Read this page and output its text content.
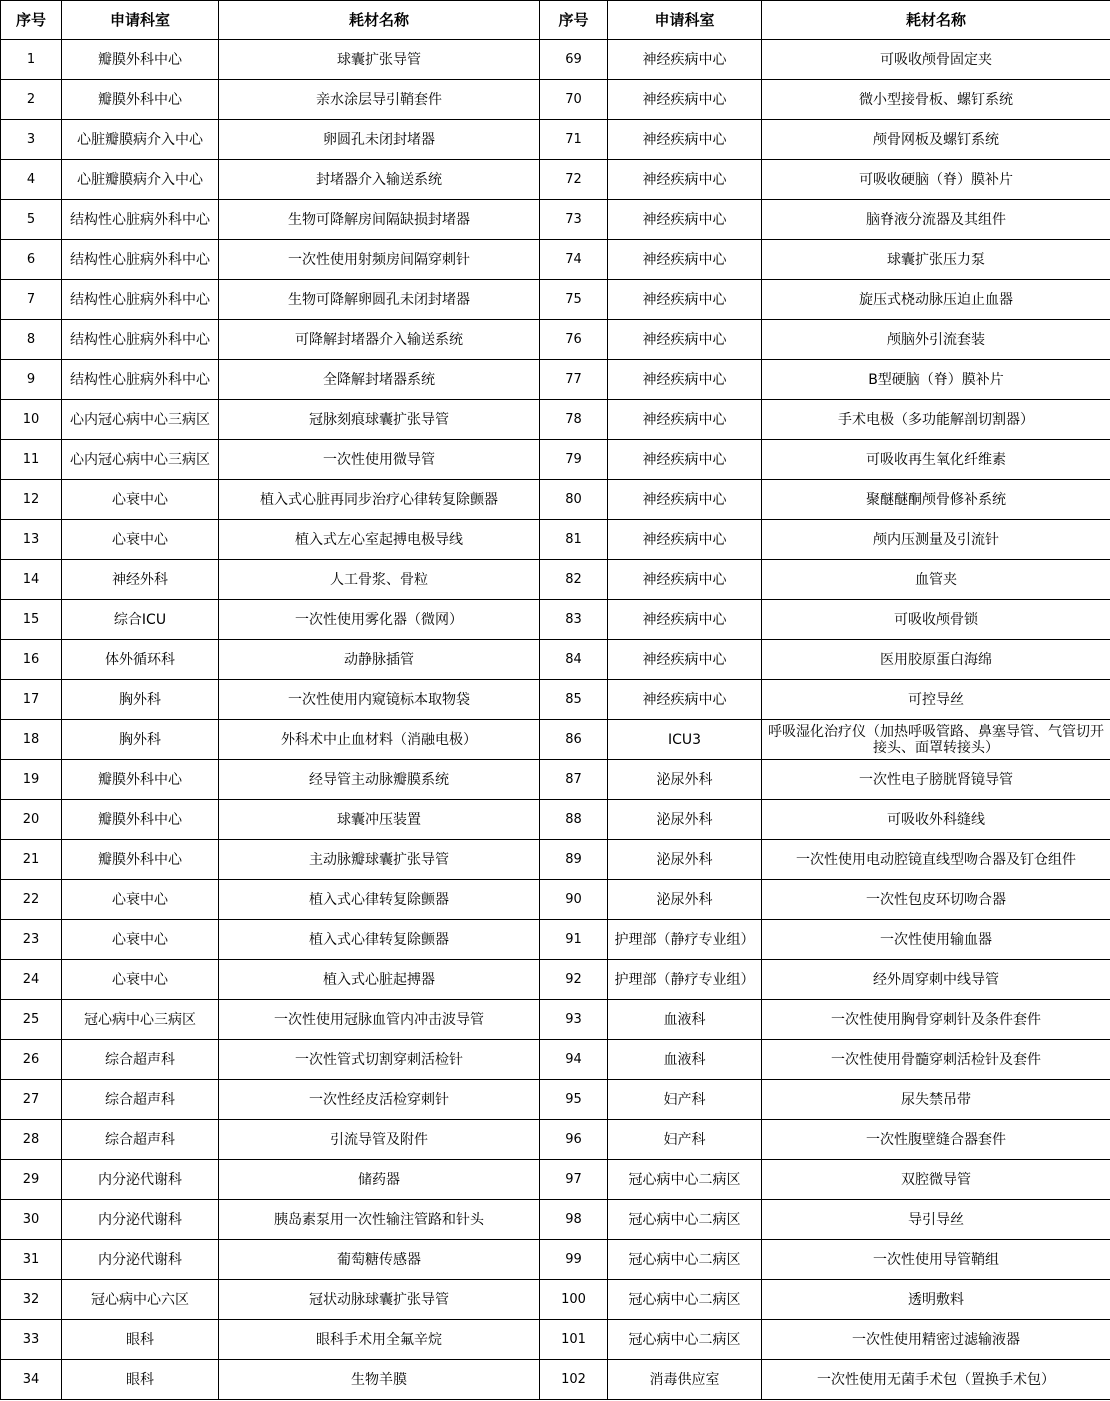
序号	申请科室	耗材名称	序号	申请科室	耗材名称
1	瓣膜外科中心	球囊扩张导管	69	神经疾病中心	可吸收颅骨固定夹
2	瓣膜外科中心	亲水涂层导引鞘套件	70	神经疾病中心	微小型接骨板、螺钉系统
3	心脏瓣膜病介入中心	卵圆孔未闭封堵器	71	神经疾病中心	颅骨网板及螺钉系统
4	心脏瓣膜病介入中心	封堵器介入输送系统	72	神经疾病中心	可吸收硬脑（脊）膜补片
5	结构性心脏病外科中心	生物可降解房间隔缺损封堵器	73	神经疾病中心	脑脊液分流器及其组件
6	结构性心脏病外科中心	一次性使用射频房间隔穿刺针	74	神经疾病中心	球囊扩张压力泵
7	结构性心脏病外科中心	生物可降解卵圆孔未闭封堵器	75	神经疾病中心	旋压式桡动脉压迫止血器
8	结构性心脏病外科中心	可降解封堵器介入输送系统	76	神经疾病中心	颅脑外引流套装
9	结构性心脏病外科中心	全降解封堵器系统	77	神经疾病中心	B型硬脑（脊）膜补片
10	心内冠心病中心三病区	冠脉刻痕球囊扩张导管	78	神经疾病中心	手术电极（多功能解剖切割器）
11	心内冠心病中心三病区	一次性使用微导管	79	神经疾病中心	可吸收再生氧化纤维素
12	心衰中心	植入式心脏再同步治疗心律转复除颤器	80	神经疾病中心	聚醚醚酮颅骨修补系统
13	心衰中心	植入式左心室起搏电极导线	81	神经疾病中心	颅内压测量及引流针
14	神经外科	人工骨浆、骨粒	82	神经疾病中心	血管夹
15	综合ICU	一次性使用雾化器（微网）	83	神经疾病中心	可吸收颅骨锁
16	体外循环科	动静脉插管	84	神经疾病中心	医用胶原蛋白海绵
17	胸外科	一次性使用内窥镜标本取物袋	85	神经疾病中心	可控导丝
18	胸外科	外科术中止血材料（消融电极）	86	ICU3	呼吸湿化治疗仪（加热呼吸管路、鼻塞导管、气管切开接头、面罩转接头）
19	瓣膜外科中心	经导管主动脉瓣膜系统	87	泌尿外科	一次性电子膀胱肾镜导管
20	瓣膜外科中心	球囊冲压装置	88	泌尿外科	可吸收外科缝线
21	瓣膜外科中心	主动脉瓣球囊扩张导管	89	泌尿外科	一次性使用电动腔镜直线型吻合器及钉仓组件
22	心衰中心	植入式心律转复除颤器	90	泌尿外科	一次性包皮环切吻合器
23	心衰中心	植入式心律转复除颤器	91	护理部（静疗专业组）	一次性使用输血器
24	心衰中心	植入式心脏起搏器	92	护理部（静疗专业组）	经外周穿刺中线导管
25	冠心病中心三病区	一次性使用冠脉血管内冲击波导管	93	血液科	一次性使用胸骨穿刺针及条件套件
26	综合超声科	一次性管式切割穿刺活检针	94	血液科	一次性使用骨髓穿刺活检针及套件
27	综合超声科	一次性经皮活检穿刺针	95	妇产科	尿失禁吊带
28	综合超声科	引流导管及附件	96	妇产科	一次性腹壁缝合器套件
29	内分泌代谢科	储药器	97	冠心病中心二病区	双腔微导管
30	内分泌代谢科	胰岛素泵用一次性输注管路和针头	98	冠心病中心二病区	导引导丝
31	内分泌代谢科	葡萄糖传感器	99	冠心病中心二病区	一次性使用导管鞘组
32	冠心病中心六区	冠状动脉球囊扩张导管	100	冠心病中心二病区	透明敷料
33	眼科	眼科手术用全氟辛烷	101	冠心病中心二病区	一次性使用精密过滤输液器
34	眼科	生物羊膜	102	消毒供应室	一次性使用无菌手术包（置换手术包）
